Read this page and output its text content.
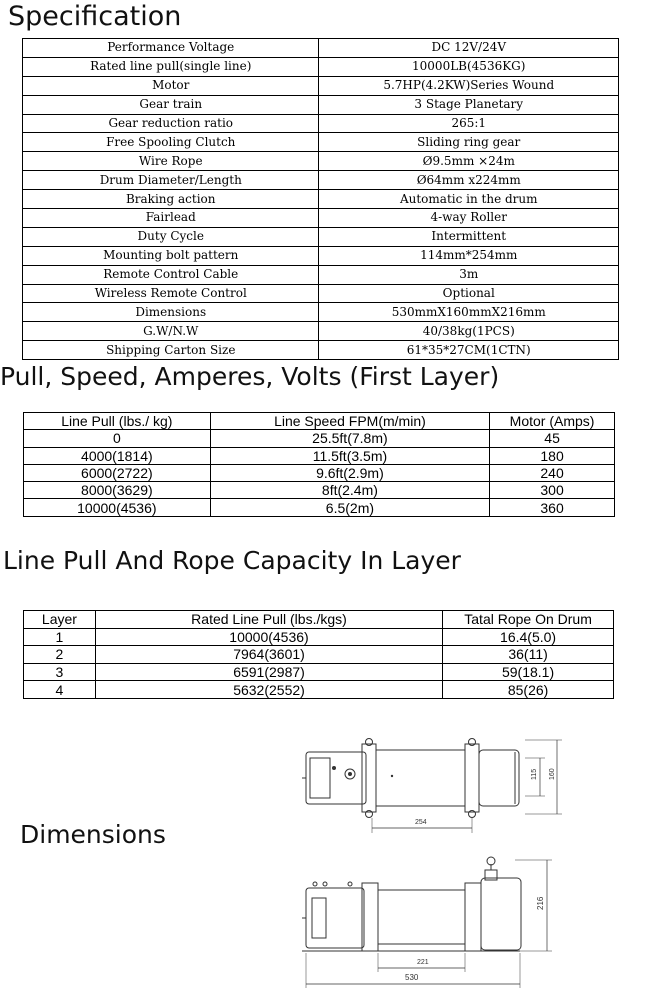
Specification
Performance Voltage	DC 12V/24V
Rated line pull(single line)	10000LB(4536KG)
Motor	5.7HP(4.2KW)Series Wound
Gear train	3 Stage Planetary
Gear reduction ratio	265:1
Free Spooling Clutch	Sliding ring gear
Wire Rope	Ø9.5mm ×24m
Drum Diameter/Length	Ø64mm x224mm
Braking action	Automatic in the drum
Fairlead	4-way Roller
Duty Cycle	Intermittent
Mounting bolt pattern	114mm*254mm
Remote Control Cable	3m
Wireless Remote Control	Optional
Dimensions	530mmX160mmX216mm
G.W/N.W	40/38kg(1PCS)
Shipping Carton Size	61*35*27CM(1CTN)
Pull, Speed, Amperes, Volts (First Layer)
Line Pull (lbs./ kg)	Line Speed FPM(m/min)	Motor (Amps)
0	25.5ft(7.8m)	45
4000(1814)	11.5ft(3.5m)	180
6000(2722)	9.6ft(2.9m)	240
8000(3629)	8ft(2.4m)	300
10000(4536)	6.5(2m)	360
Line Pull And Rope Capacity In Layer
Layer	Rated Line Pull (lbs./kgs)	Tatal Rope On Drum
1	10000(4536)	16.4(5.0)
2	7964(3601)	36(11)
3	6591(2987)	59(18.1)
4	5632(2552)	85(26)
Dimensions	254
115 160
221
530
216
